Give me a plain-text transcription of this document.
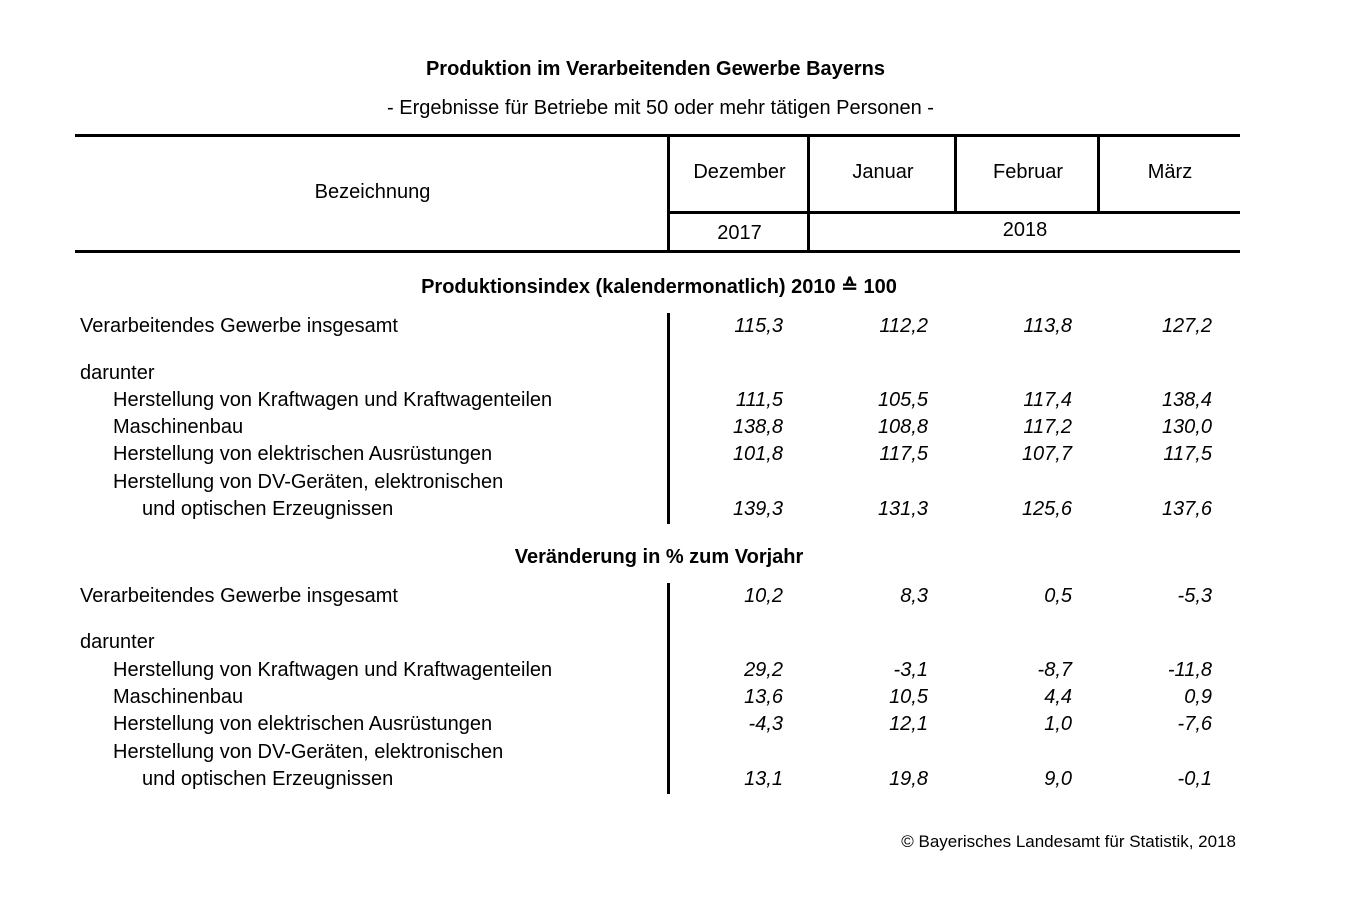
Produktion im Verarbeitenden Gewerbe Bayerns
- Ergebnisse für Betriebe mit 50 oder mehr tätigen Personen -
Bezeichnung
Dezember	Januar	Februar	März
2017	2018
Produktionsindex (kalendermonatlich) 2010 ≙ 100
Verarbeitendes Gewerbe insgesamt	115,3	112,2	113,8	127,2
darunter
Herstellung von Kraftwagen und Kraftwagenteilen	111,5	105,5	117,4	138,4
Maschinenbau	138,8	108,8	117,2	130,0
Herstellung von elektrischen Ausrüstungen	101,8	117,5	107,7	117,5
Herstellung von DV-Geräten, elektronischen
und optischen Erzeugnissen	139,3	131,3	125,6	137,6
Veränderung in % zum Vorjahr
Verarbeitendes Gewerbe insgesamt	10,2	8,3	0,5	-5,3
darunter
Herstellung von Kraftwagen und Kraftwagenteilen	29,2	-3,1	-8,7	-11,8
Maschinenbau	13,6	10,5	4,4	0,9
Herstellung von elektrischen Ausrüstungen	-4,3	12,1	1,0	-7,6
Herstellung von DV-Geräten, elektronischen
und optischen Erzeugnissen	13,1	19,8	9,0	-0,1
© Bayerisches Landesamt für Statistik, 2018
